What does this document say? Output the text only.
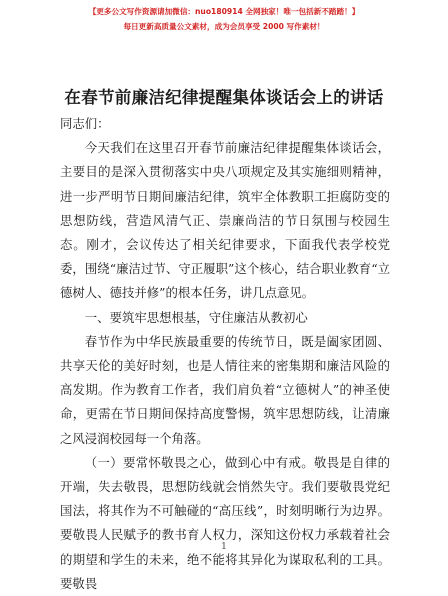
【更多公文写作资源请加微信：nuo180914 全网独家！唯一包括新不踏踏！】
每日更新高质量公文素材，成为会员享受 2000 写作素材！
在春节前廉洁纪律提醒集体谈话会上的讲话

同志们：

今天我们在这里召开春节前廉洁纪律提醒集体谈话会，主要目的是深入贯彻落实中央八项规定及其实施细则精神，进一步严明节日期间廉洁纪律，筑牢全体教职工拒腐防变的思想防线，营造风清气正、崇廉尚洁的节日氛围与校园生态。刚才，会议传达了相关纪律要求，下面我代表学校党委，围绕“廉洁过节、守正履职”这个核心，结合职业教育“立德树人、德技并修”的根本任务，讲几点意见。

一、要筑牢思想根基，守住廉洁从教初心

春节作为中华民族最重要的传统节日，既是阖家团圆、共享天伦的美好时刻，也是人情往来的密集期和廉洁风险的高发期。作为教育工作者，我们肩负着“立德树人”的神圣使命，更需在节日期间保持高度警惕，筑牢思想防线，让清廉之风浸润校园每一个角落。

（一）要常怀敬畏之心，做到心中有戒。敬畏是自律的开端，失去敬畏，思想防线就会悄然失守。我们要敬畏党纪国法，将其作为不可触碰的“高压线”，时刻明晰行为边界。要敬畏人民赋予的教书育人权力，深知这份权力承载着社会的期望和学生的未来，绝不能将其异化为谋取私利的工具。要敬畏

1
